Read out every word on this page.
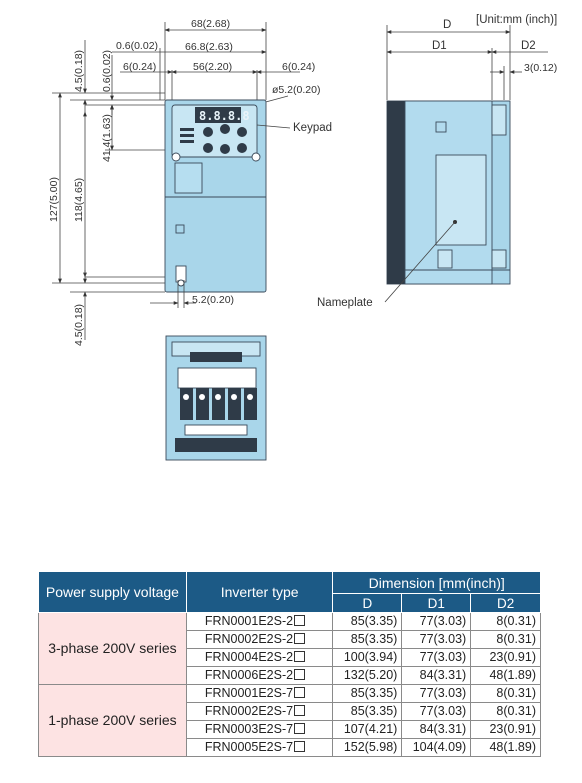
68(2.68)
0.6(0.02)	66.8(2.63)
6(0.24)	56(2.20)	6(0.24)
ø5.2(0.20)
4.5(0.18) 0.6(0.02)
41.4(1.63)
127(5.00) 118(4.65)
4.5(0.18)
8.8.8.8
Keypad
5.2(0.20)
[Unit:mm (inch)]
D
D1	D2
3(0.12)
Nameplate
Power supply voltage	Inverter type	Dimension [mm(inch)]		
		D	D1	D2
3-phase 200V series	FRN0001E2S-2	85(3.35)	77(3.03)	8(0.31)
	FRN0002E2S-2	85(3.35)	77(3.03)	8(0.31)
	FRN0004E2S-2	100(3.94)	77(3.03)	23(0.91)
	FRN0006E2S-2	132(5.20)	84(3.31)	48(1.89)
1-phase 200V series	FRN0001E2S-7	85(3.35)	77(3.03)	8(0.31)
	FRN0002E2S-7	85(3.35)	77(3.03)	8(0.31)
	FRN0003E2S-7	107(4.21)	84(3.31)	23(0.91)
	FRN0005E2S-7	152(5.98)	104(4.09)	48(1.89)
